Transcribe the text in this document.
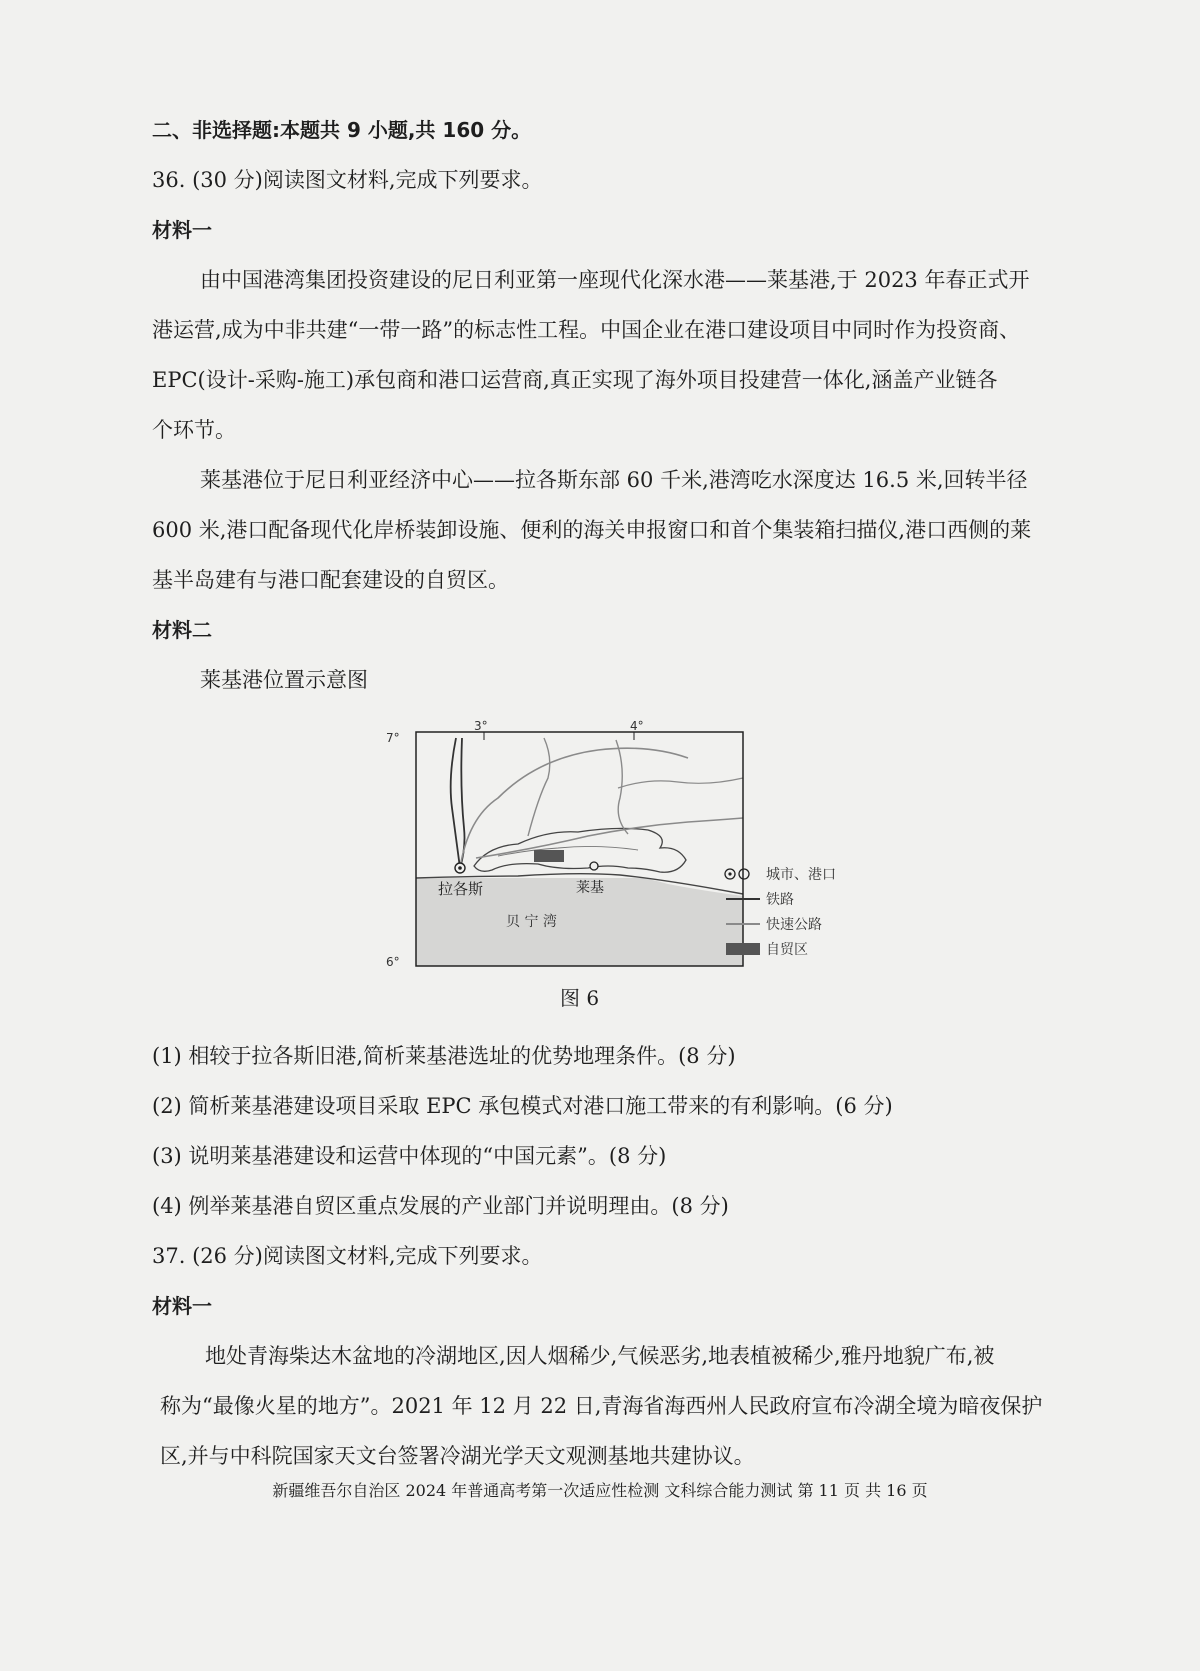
二、非选择题:本题共 9 小题,共 160 分。
36. (30 分)阅读图文材料,完成下列要求。
材料一
由中国港湾集团投资建设的尼日利亚第一座现代化深水港——莱基港,于 2023 年春正式开
港运营,成为中非共建“一带一路”的标志性工程。中国企业在港口建设项目中同时作为投资商、
EPC(设计-采购-施工)承包商和港口运营商,真正实现了海外项目投建营一体化,涵盖产业链各
个环节。
莱基港位于尼日利亚经济中心——拉各斯东部 60 千米,港湾吃水深度达 16.5 米,回转半径
600 米,港口配备现代化岸桥装卸设施、便利的海关申报窗口和首个集装箱扫描仪,港口西侧的莱
基半岛建有与港口配套建设的自贸区。
材料二
莱基港位置示意图
3°	4°
7°
6°
拉各斯	莱基
贝 宁 湾
城市、港口
铁路
快速公路
自贸区
图 6
(1) 相较于拉各斯旧港,简析莱基港选址的优势地理条件。(8 分)
(2) 简析莱基港建设项目采取 EPC 承包模式对港口施工带来的有利影响。(6 分)
(3) 说明莱基港建设和运营中体现的“中国元素”。(8 分)
(4) 例举莱基港自贸区重点发展的产业部门并说明理由。(8 分)
37. (26 分)阅读图文材料,完成下列要求。
材料一
地处青海柴达木盆地的冷湖地区,因人烟稀少,气候恶劣,地表植被稀少,雅丹地貌广布,被
称为“最像火星的地方”。2021 年 12 月 22 日,青海省海西州人民政府宣布冷湖全境为暗夜保护
区,并与中科院国家天文台签署冷湖光学天文观测基地共建协议。
新疆维吾尔自治区 2024 年普通高考第一次适应性检测 文科综合能力测试 第 11 页 共 16 页
